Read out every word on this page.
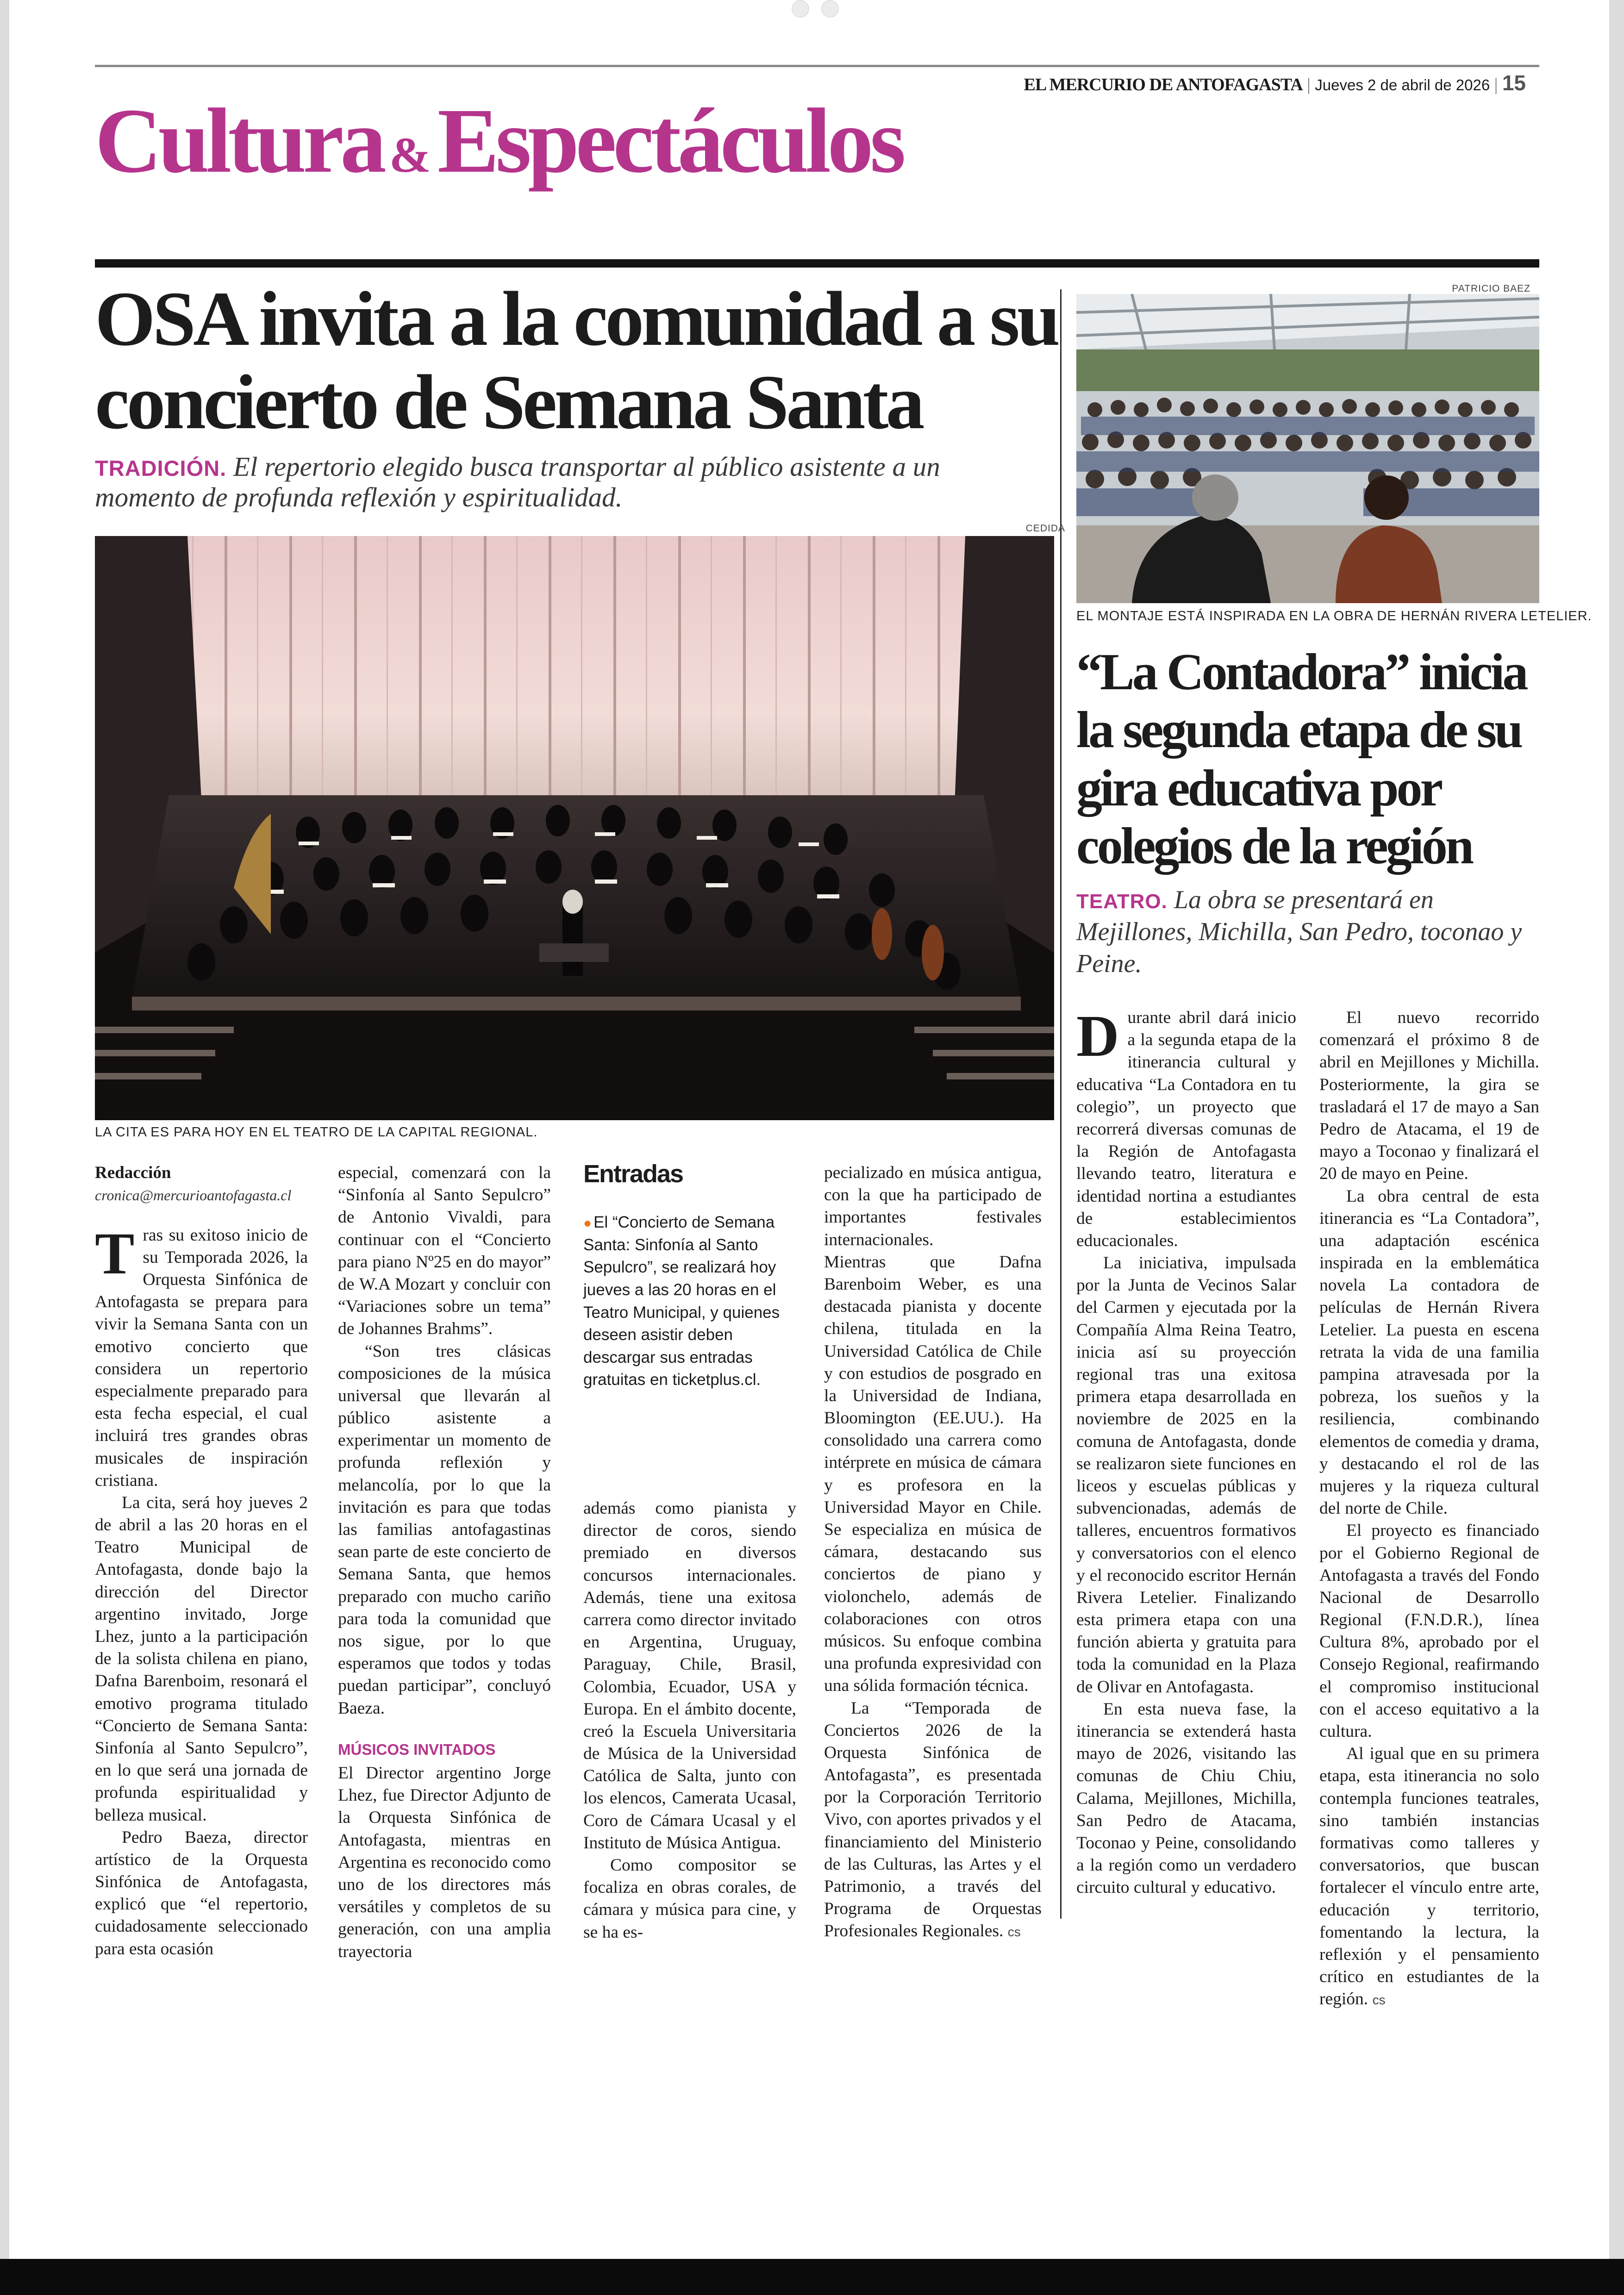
EL MERCURIO DE ANTOFAGASTA | Jueves 2 de abril de 2026 | 15
Cultura &Espectáculos
OSA invita a la comunidad a su concierto de Semana Santa
TRADICIÓN. El repertorio elegido busca transportar al público asistente a un momento de profunda reflexión y espiritualidad.
CEDIDA
LA CITA ES PARA HOY EN EL TEATRO DE LA CAPITAL REGIONAL.
Redacción
cronica@mercurioantofagasta.cl

Tras su exitoso inicio de su Temporada 2026, la Orquesta Sinfónica de Antofagasta se prepara para vivir la Semana Santa con un emotivo concierto que considera un repertorio especialmente preparado para esta fecha especial, el cual incluirá tres grandes obras musicales de inspiración cristiana.

La cita, será hoy jueves 2 de abril a las 20 horas en el Teatro Municipal de Antofagasta, donde bajo la dirección del Director argentino invitado, Jorge Lhez, junto a la participación de la solista chilena en piano, Dafna Barenboim, resonará el emotivo programa titulado “Concierto de Semana Santa: Sinfonía al Santo Sepulcro”, en lo que será una jornada de profunda espiritualidad y belleza musical.

Pedro Baeza, director artístico de la Orquesta Sinfónica de Antofagasta, explicó que “el repertorio, cuidadosamente seleccionado para esta ocasión

especial, comenzará con la “Sinfonía al Santo Sepulcro” de Antonio Vivaldi, para continuar con el “Concierto para piano Nº25 en do mayor” de W.A Mozart y concluir con “Variaciones sobre un tema” de Johannes Brahms”.

“Son tres clásicas composiciones de la música universal que llevarán al público asistente a experimentar un momento de profunda reflexión y melancolía, por lo que la invitación es para que todas las familias antofagastinas sean parte de este concierto de Semana Santa, que hemos preparado con mucho cariño para toda la comunidad que nos sigue, por lo que esperamos que todos y todas puedan participar”, concluyó Baeza.

MÚSICOS INVITADOS

El Director argentino Jorge Lhez, fue Director Adjunto de la Orquesta Sinfónica de Antofagasta, mientras en Argentina es reconocido como uno de los directores más versátiles y completos de su generación, con una amplia trayectoria

Entradas
● El “Concierto de Semana Santa: Sinfonía al Santo Sepulcro”, se realizará hoy jueves a las 20 horas en el Teatro Municipal, y quienes deseen asistir deben descargar sus entradas gratuitas en ticketplus.cl.

además como pianista y director de coros, siendo premiado en diversos concursos internacionales. Además, tiene una exitosa carrera como director invitado en Argentina, Uruguay, Paraguay, Chile, Brasil, Colombia, Ecuador, USA y Europa. En el ámbito docente, creó la Escuela Universitaria de Música de la Universidad Católica de Salta, junto con los elencos, Camerata Ucasal, Coro de Cámara Ucasal y el Instituto de Música Antigua.

Como compositor se focaliza en obras corales, de cámara y música para cine, y se ha es-

pecializado en música antigua, con la que ha participado de importantes festivales internacionales.

Mientras que Dafna Barenboim Weber, es una destacada pianista y docente chilena, titulada en la Universidad Católica de Chile y con estudios de posgrado en la Universidad de Indiana, Bloomington (EE.UU.). Ha consolidado una carrera como intérprete en música de cámara y es profesora en la Universidad Mayor en Chile. Se especializa en música de cámara, destacando sus conciertos de piano y violonchelo, además de colaboraciones con otros músicos. Su enfoque combina una profunda expresividad con una sólida formación técnica.

La “Temporada de Conciertos 2026 de la Orquesta Sinfónica de Antofagasta”, es presentada por la Corporación Territorio Vivo, con aportes privados y el financiamiento del Ministerio de las Culturas, las Artes y el Patrimonio, a través del Programa de Orquestas Profesionales Regionales. cs

PATRICIO BAEZ
EL MONTAJE ESTÁ INSPIRADA EN LA OBRA DE HERNÁN RIVERA LETELIER.
“La Contadora” inicia la segunda etapa de su gira educativa por colegios de la región
TEATRO. La obra se presentará en Mejillones, Michilla, San Pedro, toconao y Peine.

Durante abril dará inicio a la segunda etapa de la itinerancia cultural y educativa “La Contadora en tu colegio”, un proyecto que recorrerá diversas comunas de la Región de Antofagasta llevando teatro, literatura e identidad nortina a estudiantes de establecimientos educacionales.

La iniciativa, impulsada por la Junta de Vecinos Salar del Carmen y ejecutada por la Compañía Alma Reina Teatro, inicia así su proyección regional tras una exitosa primera etapa desarrollada en noviembre de 2025 en la comuna de Antofagasta, donde se realizaron siete funciones en liceos y escuelas públicas y subvencionadas, además de talleres, encuentros formativos y conversatorios con el elenco y el reconocido escritor Hernán Rivera Letelier. Finalizando esta primera etapa con una función abierta y gratuita para toda la comunidad en la Plaza de Olivar en Antofagasta.

En esta nueva fase, la itinerancia se extenderá hasta mayo de 2026, visitando las comunas de Chiu Chiu, Calama, Mejillones, Michilla, San Pedro de Atacama, Toconao y Peine, consolidando a la región como un verdadero circuito cultural y educativo.

El nuevo recorrido comenzará el próximo 8 de abril en Mejillones y Michilla. Posteriormente, la gira se trasladará el 17 de mayo a San Pedro de Atacama, el 19 de mayo a Toconao y finalizará el 20 de mayo en Peine.

La obra central de esta itinerancia es “La Contadora”, una adaptación escénica inspirada en la emblemática novela La contadora de películas de Hernán Rivera Letelier. La puesta en escena retrata la vida de una familia pampina atravesada por la pobreza, los sueños y la resiliencia, combinando elementos de comedia y drama, y destacando el rol de las mujeres y la riqueza cultural del norte de Chile.

El proyecto es financiado por el Gobierno Regional de Antofagasta a través del Fondo Nacional de Desarrollo Regional (F.N.D.R.), línea Cultura 8%, aprobado por el Consejo Regional, reafirmando el compromiso institucional con el acceso equitativo a la cultura.

Al igual que en su primera etapa, esta itinerancia no solo contempla funciones teatrales, sino también instancias formativas como talleres y conversatorios, que buscan fortalecer el vínculo entre arte, educación y territorio, fomentando la lectura, la reflexión y el pensamiento crítico en estudiantes de la región. cs
